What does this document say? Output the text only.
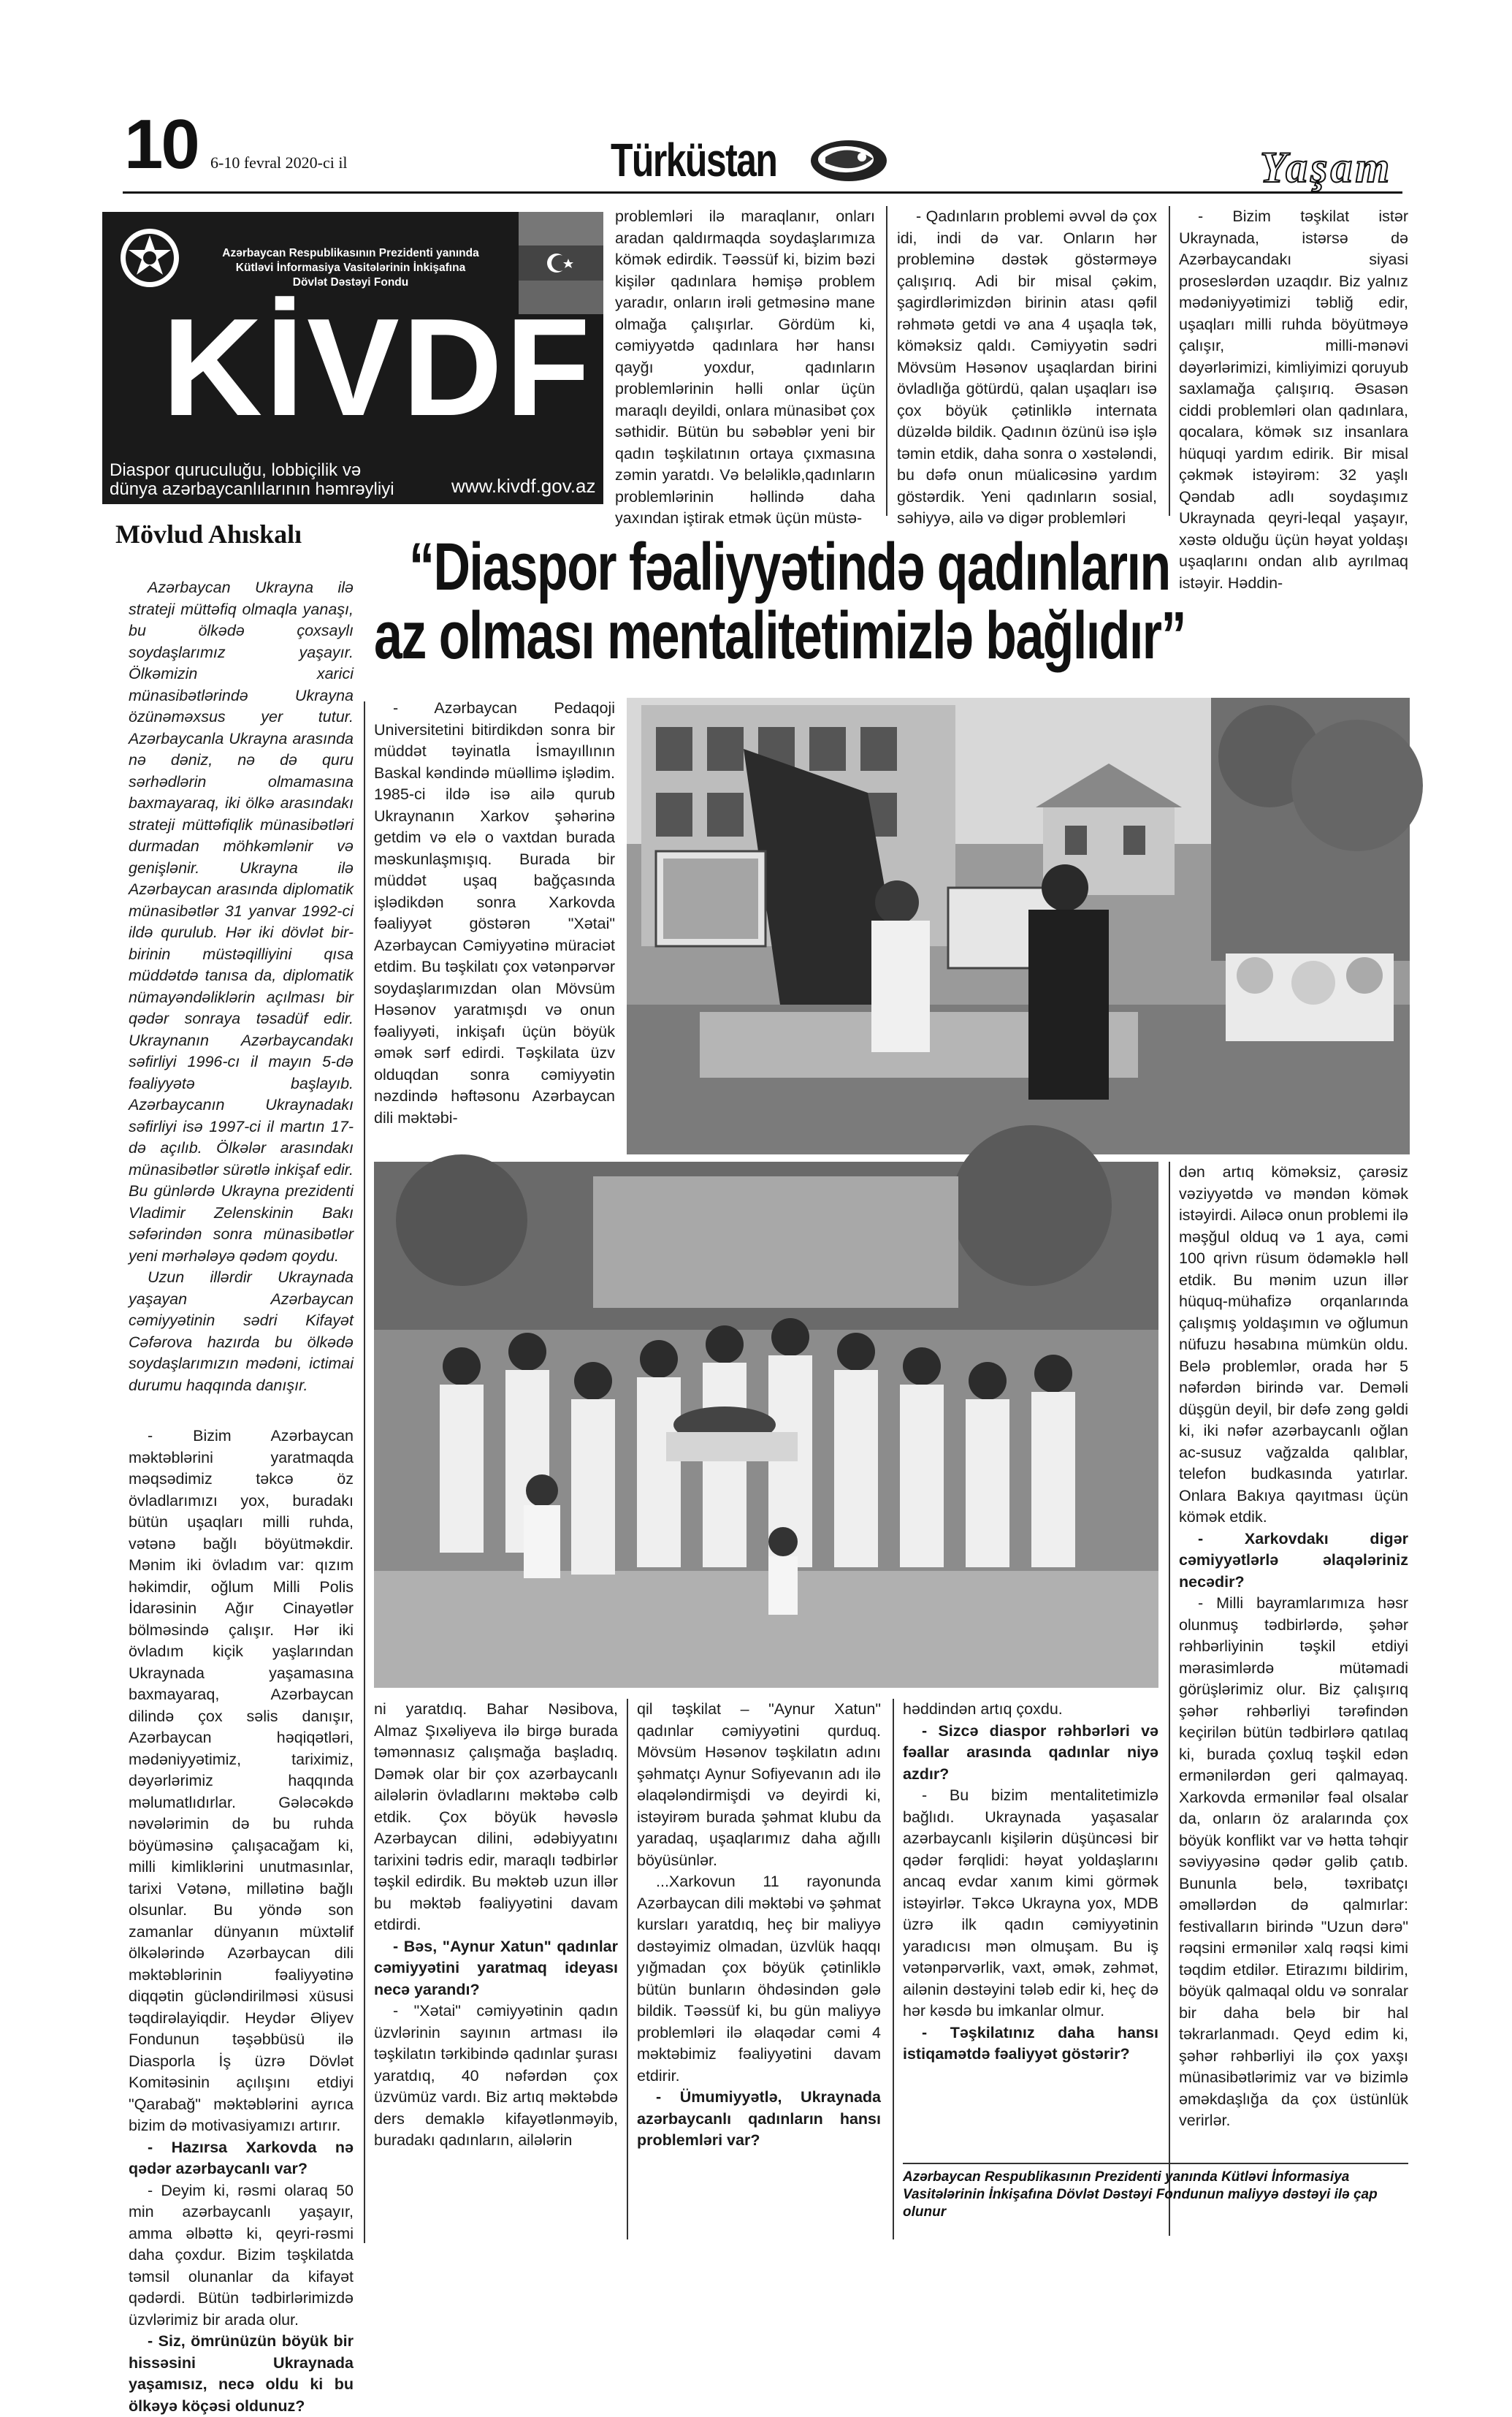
10 6-10 fevral 2020-ci il	Türküstan	Yaşam
Azərbaycan Respublikasının Prezidenti yanında
Kütləvi İnformasiya Vasitələrinin İnkişafına
Dövlət Dəstəyi Fondu
KİVDF
Diaspor quruculuğu, lobbiçilik və
dünya azərbaycanlılarının həmrəyliyi	www.kivdf.gov.az
Mövlud Ahıskalı “Diaspor fəaliyyətində qadınların
az olması mentalitetimizlə bağlıdır”

problemləri ilə maraqlanır, onları aradan qaldırmaqda soydaşlarımıza kömək edirdik. Təəssüf ki, bizim bəzi kişilər qadınlara həmişə problem yaradır, onların irəli getməsinə mane olmağa çalışırlar. Gördüm ki, cəmiyyətdə qadınlara hər hansı qayğı yoxdur, qadınların problemlərinin həlli onlar üçün maraqlı deyildi, onlara münasibət çox səthidir. Bütün bu səbəblər yeni bir qadın təşkilatının ortaya çıxmasına zəmin yaratdı. Və beləliklə,qadınların problemlərinin həllində daha yaxından iştirak etmək üçün müstə-

- Qadınların problemi əvvəl də çox idi, indi də var. Onların hər probleminə dəstək göstərməyə çalışırıq. Adi bir misal çəkim, şagirdlərimizdən birinin atası qəfil rəhmətə getdi və ana 4 uşaqla tək, köməksiz qaldı. Cəmiyyətin sədri Mövsüm Həsənov uşaqlardan birini övladlığa götürdü, qalan uşaqları isə çox böyük çətinliklə internata düzəldə bildik. Qadının özünü isə işlə təmin etdik, daha sonra o xəstələndi, bu dəfə onun müalicəsinə yardım göstərdik. Yeni qadınların sosial, səhiyyə, ailə və digər problemləri

- Bizim təşkilat istər Ukraynada, istərsə də Azərbaycandakı siyasi proseslərdən uzaqdır. Biz yalnız mədəniyyətimizi təbliğ edir, uşaqları milli ruhda böyütməyə çalışır, milli-mənəvi dəyərlərimizi, kimliyimizi qoruyub saxlamağa çalışırıq. Əsasən ciddi problemləri olan qadınlara, qocalara, kömək sız insanlara hüquqi yardım edirik. Bir misal çəkmək istəyirəm: 32 yaşlı Qəndab adlı soydaşımız Ukraynada qeyri-leqal yaşayır, xəstə olduğu üçün həyat yoldaşı uşaqlarını ondan alıb ayrılmaq istəyir. Həddin-

Azərbaycan Ukrayna ilə strateji müttəfiq olmaqla yanaşı, bu ölkədə çoxsaylı soydaşlarımız yaşayır. Ölkəmizin xarici münasibətlərində Ukrayna özünəməxsus yer tutur. Azərbaycanla Ukrayna arasında nə dəniz, nə də quru sərhədlərin olmamasına baxmayaraq, iki ölkə arasındakı strateji müttəfiqlik münasibətləri durmadan möhkəmlənir və genişlənir. Ukrayna ilə Azərbaycan arasında diplomatik münasibətlər 31 yanvar 1992-ci ildə qurulub. Hər iki dövlət bir-birinin müstəqilliyini qısa müddətdə tanısa da, diplomatik nümayəndəliklərin açılması bir qədər sonraya təsadüf edir. Ukraynanın Azərbaycandakı səfirliyi 1996-cı il mayın 5-də fəaliyyətə başlayıb. Azərbaycanın Ukraynadakı səfirliyi isə 1997-ci il martın 17-də açılıb. Ölkələr arasındakı münasibətlər sürətlə inkişaf edir. Bu günlərdə Ukrayna prezidenti Vladimir Zelenskinin Bakı səfərindən sonra münasibətlər yeni mərhələyə qədəm qoydu.

Uzun illərdir Ukraynada yaşayan Azərbaycan cəmiyyətinin sədri Kifayət Cəfərova hazırda bu ölkədə soydaşlarımızın mədəni, ictimai durumu haqqında danışır.

- Bizim Azərbaycan məktəblərini yaratmaqda məqsədimiz təkcə öz övladlarımızı yox, buradakı bütün uşaqları milli ruhda, vətənə bağlı böyütməkdir. Mənim iki övladım var: qızım həkimdir, oğlum Milli Polis İdarəsinin Ağır Cinayətlər bölməsində çalışır. Hər iki övladım kiçik yaşlarından Ukraynada yaşamasına baxmayaraq, Azərbaycan dilində çox səlis danışır, Azərbaycan həqiqətləri, mədəniyyətimiz, tariximiz, dəyərlərimiz haqqında məlumatlıdırlar. Gələcəkdə nəvələrimin də bu ruhda böyüməsinə çalışacağam ki, milli kimliklərini unutmasınlar, tarixi Vətənə, millətinə bağlı olsunlar. Bu yöndə son zamanlar dünyanın müxtəlif ölkələrində Azərbaycan dili məktəblərinin fəaliyyətinə diqqətin gücləndirilməsi xüsusi təqdirəlayiqdir. Heydər Əliyev Fondunun təşəbbüsü ilə Diasporla İş üzrə Dövlət Komitəsinin açılışını etdiyi "Qarabağ" məktəblərini ayrıca bizim də motivasiyamızı artırır.

- Hazırsa Xarkovda nə qədər azərbaycanlı var?

- Deyim ki, rəsmi olaraq 50 min azərbaycanlı yaşayır, amma əlbəttə ki, qeyri-rəsmi daha çoxdur. Bizim təşkilatda təmsil olunanlar da kifayət qədərdi. Bütün tədbirlərimizdə üzvlərimiz bir arada olur.

- Siz, ömrünüzün böyük bir hissəsini Ukraynada yaşamısız, necə oldu ki bu ölkəyə köçəsi oldunuz?

- Azərbaycan Pedaqoji Universitetini bitirdikdən sonra bir müddət təyinatla İsmayıllının Baskal kəndində müəllimə işlədim. 1985-ci ildə isə ailə qurub Ukraynanın Xarkov şəhərinə getdim və elə o vaxtdan burada məskunlaşmışıq. Burada bir müddət uşaq bağçasında işlədikdən sonra Xarkovda fəaliyyət göstərən "Xətai" Azərbaycan Cəmiyyətinə müraciət etdim. Bu təşkilatı çox vətənpərvər soydaşlarımızdan olan Mövsüm Həsənov yaratmışdı və onun fəaliyyəti, inkişafı üçün böyük əmək sərf edirdi. Təşkilata üzv olduqdan sonra cəmiyyətin nəzdində həftəsonu Azərbaycan dili məktəbi-

dən artıq köməksiz, çarəsiz vəziyyətdə və məndən kömək istəyirdi. Ailəcə onun problemi ilə məşğul olduq və 1 aya, cəmi 100 qrivn rüsum ödəməklə həll etdik. Bu mənim uzun illər hüquq-mühafizə orqanlarında çalışmış yoldaşımın və oğlumun nüfuzu həsabına mümkün oldu. Belə problemlər, orada hər 5 nəfərdən birində var. Deməli düşgün deyil, bir dəfə zəng gəldi ki, iki nəfər azərbaycanlı oğlan ac-susuz vağzalda qalıblar, telefon budkasında yatırlar. Onlara Bakıya qayıtması üçün kömək etdik.

- Xarkovdakı digər cəmiyyətlərlə əlaqələriniz necədir?

- Milli bayramlarımıza həsr olunmuş tədbirlərdə, şəhər rəhbərliyinin təşkil etdiyi mərasimlərdə mütəmadi görüşlərimiz olur. Biz çalışırıq şəhər rəhbərliyi tərəfindən keçirilən bütün tədbirlərə qatılaq ki, burada çoxluq təşkil edən ermənilərdən geri qalmayaq. Xarkovda ermənilər fəal olsalar da, onların öz aralarında çox böyük konflikt var və hətta təhqir səviyyəsinə qədər gəlib çatıb. Bununla belə, təxribatçı əməllərdən də qalmırlar: festivalların birində "Uzun dərə" rəqsini ermənilər xalq rəqsi kimi təqdim etdilər. Etirazımı bildirim, böyük qalmaqal oldu və sonralar bir daha belə bir hal təkrarlanmadı. Qeyd edim ki, şəhər rəhbərliyi ilə çox yaxşı münasibətlərimiz var və bizimlə əməkdaşlığa da çox üstünlük verirlər.

ni yaratdıq. Bahar Nəsibova, Almaz Şıxəliyeva ilə birgə burada təmənnasız çalışmağa başladıq. Dəmək olar bir çox azərbaycanlı ailələrin övladlarını məktəbə cəlb etdik. Çox böyük həvəslə Azərbaycan dilini, ədəbiyyatını tarixini tədris edir, maraqlı tədbirlər təşkil edirdik. Bu məktəb uzun illər bu məktəb fəaliyyətini davam etdirdi.

- Bəs, "Aynur Xatun" qadınlar cəmiyyətini yaratmaq ideyası necə yarandı?

- "Xətai" cəmiyyətinin qadın üzvlərinin sayının artması ilə təşkilatın tərkibində qadınlar şurası yaratdıq, 40 nəfərdən çox üzvümüz vardı. Biz artıq məktəbdə ders demaklə kifayətlənməyib, buradakı qadınların, ailələrin

qil təşkilat – "Aynur Xatun" qadınlar cəmiyyətini qurduq. Mövsüm Həsənov təşkilatın adını şəhmatçı Aynur Sofiyevanın adı ilə əlaqələndirmişdi və deyirdi ki, istəyirəm burada şəhmat klubu da yaradaq, uşaqlarımız daha ağıllı böyüsünlər.

...Xarkovun 11 rayonunda Azərbaycan dili məktəbi və şəhmat kursları yaratdıq, heç bir maliyyə dəstəyimiz olmadan, üzvlük haqqı yığmadan çox böyük çətinliklə bütün bunların öhdəsindən gələ bildik. Təəssüf ki, bu gün maliyyə problemləri ilə əlaqədar cəmi 4 məktəbimiz fəaliyyətini davam etdirir.

- Ümumiyyətlə, Ukraynada azərbaycanlı qadınların hansı problemləri var?

həddindən artıq çoxdu.

- Sizcə diaspor rəhbərləri və fəallar arasında qadınlar niyə azdır?

- Bu bizim mentalitetimizlə bağlıdı. Ukraynada yaşasalar azərbaycanlı kişilərin düşüncəsi bir qədər fərqlidi: həyat yoldaşlarını ancaq evdar xanım kimi görmək istəyirlər. Təkcə Ukrayna yox, MDB üzrə ilk qadın cəmiyyətinin yaradıcısı mən olmuşam. Bu iş vətənpərvərlik, vaxt, əmək, zəhmət, ailənin dəstəyini tələb edir ki, heç də hər kəsdə bu imkanlar olmur.

- Təşkilatınız daha hansı istiqamətdə fəaliyyət göstərir?

Azərbaycan Respublikasının Prezidenti yanında Kütləvi İnformasiya Vasitələrinin İnkişafına Dövlət Dəstəyi Fondunun maliyyə dəstəyi ilə çap olunur
